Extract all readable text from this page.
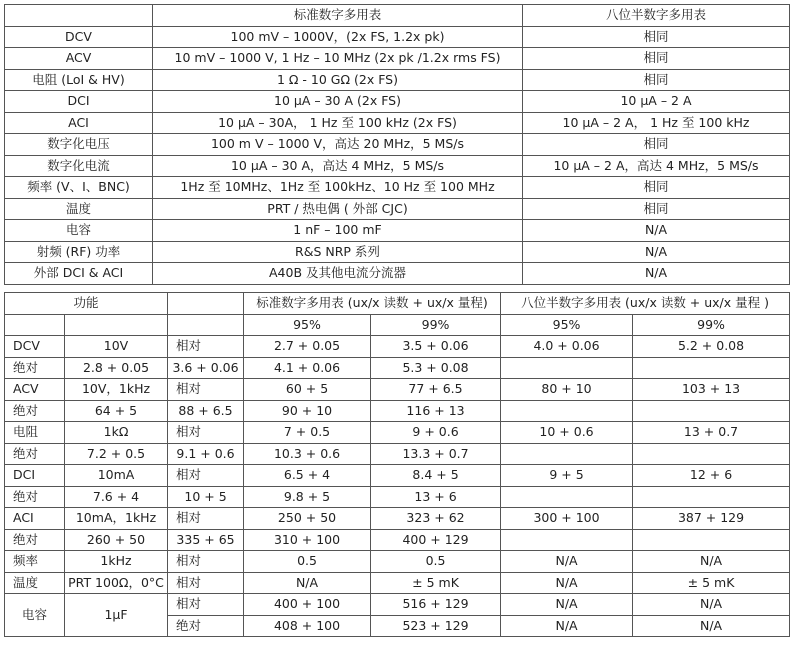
	标准数字多用表	八位半数字多用表
DCV	100 mV – 1000V，(2x FS, 1.2x pk)	相同
ACV	10 mV – 1000 V, 1 Hz – 10 MHz (2x pk /1.2x rms FS)	相同
电阻 (LoI & HV)	1 Ω - 10 GΩ (2x FS)	相同
DCI	10 µA – 30 A (2x FS)	10 µA – 2 A
ACI	10 µA – 30A， 1 Hz 至 100 kHz (2x FS)	10 µA – 2 A， 1 Hz 至 100 kHz
数字化电压	100 m V – 1000 V，高达 20 MHz，5 MS/s	相同
数字化电流	10 µA – 30 A，高达 4 MHz，5 MS/s	10 µA – 2 A，高达 4 MHz，5 MS/s
频率 (V、I、BNC)	1Hz 至 10MHz、1Hz 至 100kHz、10 Hz 至 100 MHz	相同
温度	PRT / 热电偶 ( 外部 CJC)	相同
电容	1 nF – 100 mF	N/A
射频 (RF) 功率	R&S NRP 系列	N/A
外部 DCI & ACI	A40B 及其他电流分流器	N/A
功能			标准数字多用表 (ux/x 读数 + ux/x 量程)		八位半数字多用表 (ux/x 读数 + ux/x 量程 )	
			95%	99%	95%	99%
DCV	10V	相对	2.7 + 0.05	3.5 + 0.06	4.0 + 0.06	5.2 + 0.08
绝对	2.8 + 0.05	3.6 + 0.06	4.1 + 0.06	5.3 + 0.08		
ACV	10V，1kHz	相对	60 + 5	77 + 6.5	80 + 10	103 + 13
绝对	64 + 5	88 + 6.5	90 + 10	116 + 13		
电阻	1kΩ	相对	7 + 0.5	9 + 0.6	10 + 0.6	13 + 0.7
绝对	7.2 + 0.5	9.1 + 0.6	10.3 + 0.6	13.3 + 0.7		
DCI	10mA	相对	6.5 + 4	8.4 + 5	9 + 5	12 + 6
绝对	7.6 + 4	10 + 5	9.8 + 5	13 + 6		
ACI	10mA，1kHz	相对	250 + 50	323 + 62	300 + 100	387 + 129
绝对	260 + 50	335 + 65	310 + 100	400 + 129		
频率	1kHz	相对	0.5	0.5	N/A	N/A
温度	PRT 100Ω，0°C	相对	N/A	± 5 mK	N/A	± 5 mK
电容	1µF	相对	400 + 100	516 + 129	N/A	N/A
		绝对	408 + 100	523 + 129	N/A	N/A
